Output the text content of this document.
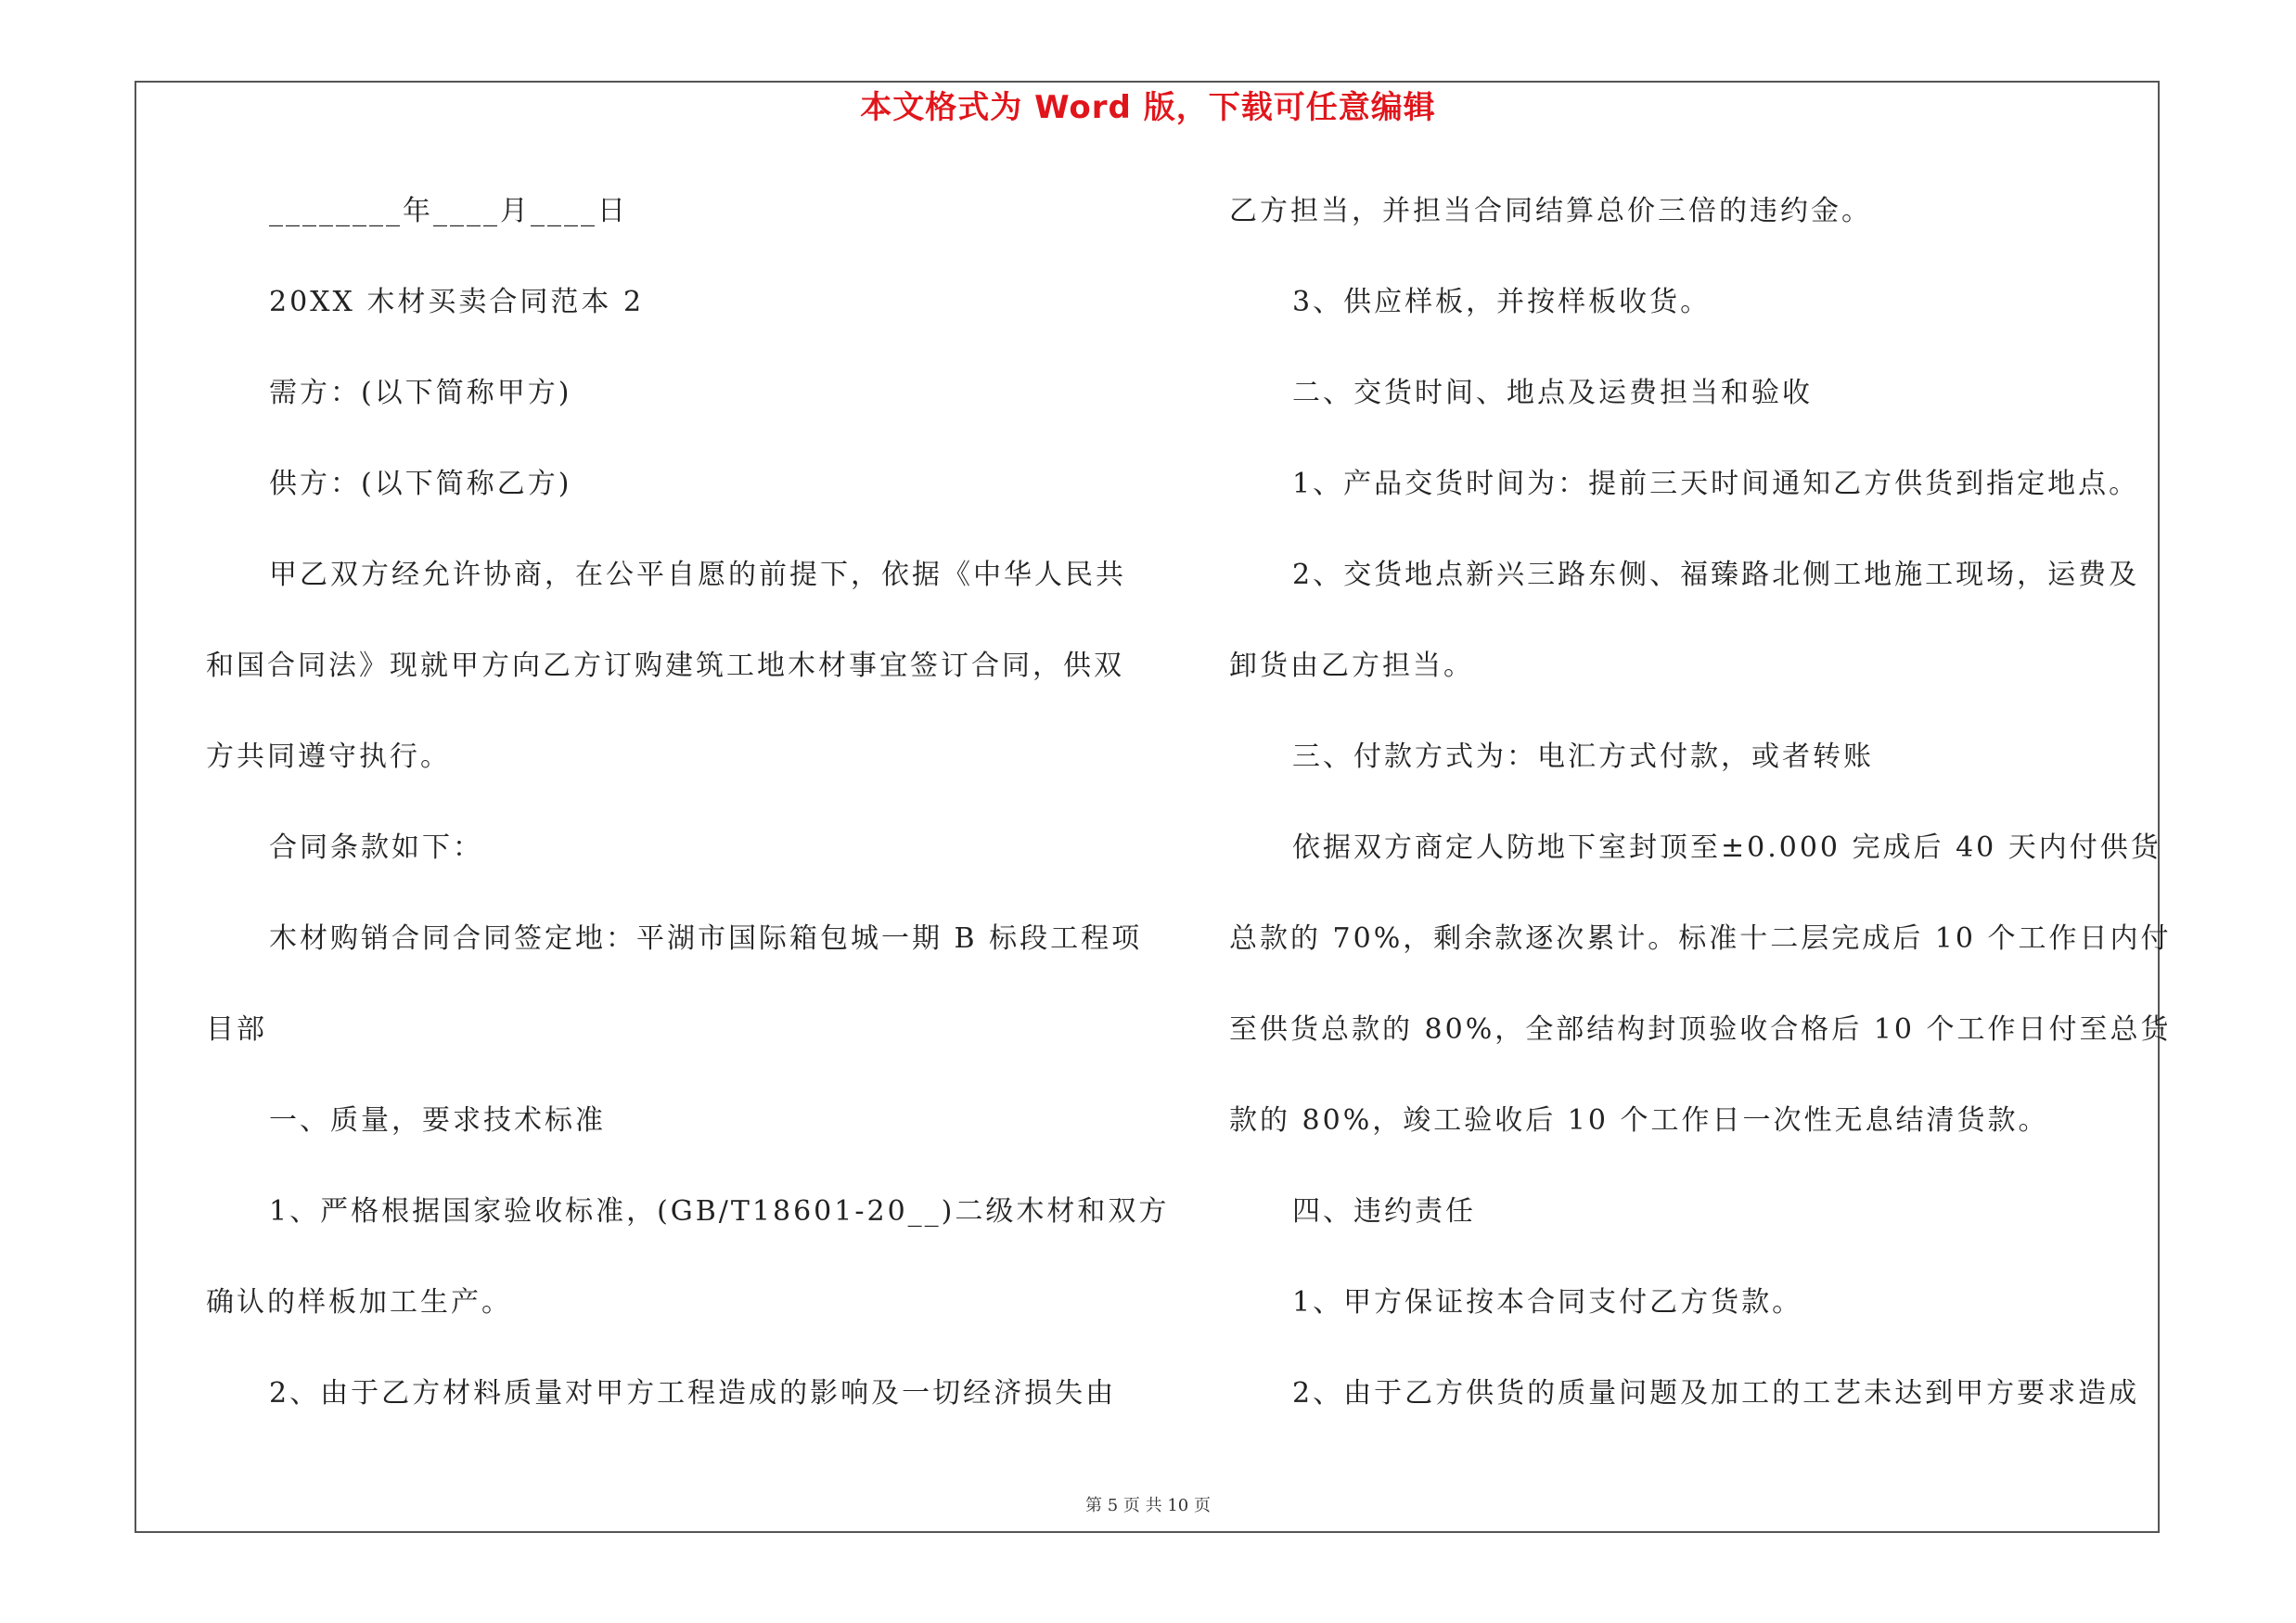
本文格式为 Word 版，下载可任意编辑
________年____月____日
20XX 木材买卖合同范本 2
需方：(以下简称甲方)
供方：(以下简称乙方)
甲乙双方经允许协商，在公平自愿的前提下，依据《中华人民共
和国合同法》现就甲方向乙方订购建筑工地木材事宜签订合同，供双
方共同遵守执行。
合同条款如下：
木材购销合同合同签定地：平湖市国际箱包城一期 B 标段工程项
目部
一、质量，要求技术标准
1、严格根据国家验收标准，(GB/T18601-20__)二级木材和双方
确认的样板加工生产。
2、由于乙方材料质量对甲方工程造成的影响及一切经济损失由
乙方担当，并担当合同结算总价三倍的违约金。
3、供应样板，并按样板收货。
二、交货时间、地点及运费担当和验收
1、产品交货时间为：提前三天时间通知乙方供货到指定地点。
2、交货地点新兴三路东侧、福臻路北侧工地施工现场，运费及
卸货由乙方担当。
三、付款方式为：电汇方式付款，或者转账
依据双方商定人防地下室封顶至±0.000 完成后 40 天内付供货
总款的 70%，剩余款逐次累计。标准十二层完成后 10 个工作日内付
至供货总款的 80%，全部结构封顶验收合格后 10 个工作日付至总货
款的 80%，竣工验收后 10 个工作日一次性无息结清货款。
四、违约责任
1、甲方保证按本合同支付乙方货款。
2、由于乙方供货的质量问题及加工的工艺未达到甲方要求造成
第 5 页 共 10 页
